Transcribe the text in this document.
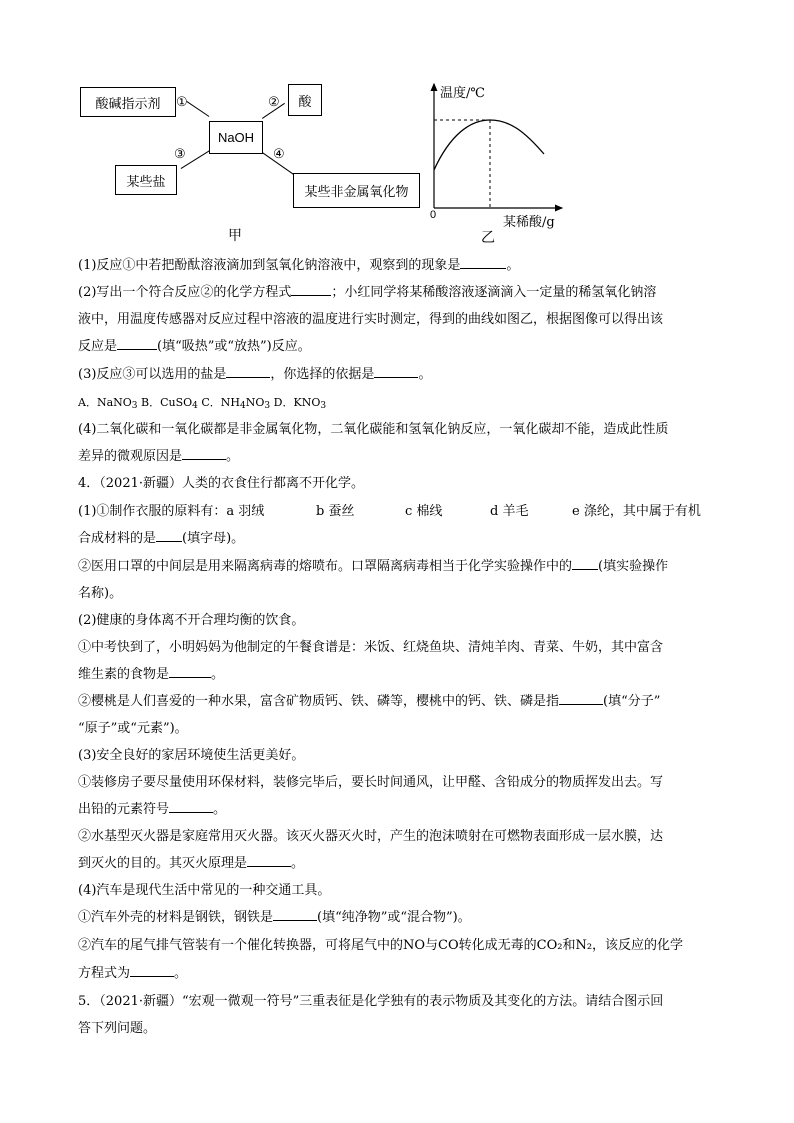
酸碱指示剂	酸
NaOH
某些盐
某些非金属氧化物
①	②
③	④
甲
温度/℃
某稀酸/g
0
乙
(1)反应①中若把酚酞溶液滴加到氢氧化钠溶液中，观察到的现象是	。
(2)写出一个符合反应②的化学方程式	；小红同学将某稀酸溶液逐滴滴入一定量的稀氢氧化钠溶
液中，用温度传感器对反应过程中溶液的温度进行实时测定，得到的曲线如图乙，根据图像可以得出该
反应是	(填“吸热”或“放热”)反应。
(3)反应③可以选用的盐是	，你选择的依据是	。
A．NaNO$_3$ B．CuSO$_4$ C．$NH_4NO_3$ D．$KNO_3$
(4)二氧化碳和一氧化碳都是非金属氧化物，二氧化碳能和氢氧化钠反应，一氧化碳却不能，造成此性质
差异的微观原因是	。
4．（2021·新疆）人类的衣食住行都离不开化学。
(1)①制作衣服的原料有：a 羽绒	b 蚕丝	c 棉线	d 羊毛	e 涤纶，其中属于有机
合成材料的是 (填字母)。
②医用口罩的中间层是用来隔离病毒的熔喷布。口罩隔离病毒相当于化学实验操作中的 (填实验操作
名称)。
(2)健康的身体离不开合理均衡的饮食。
①中考快到了，小明妈妈为他制定的午餐食谱是：米饭、红烧鱼块、清炖羊肉、青菜、牛奶，其中富含
维生素的食物是	。
②樱桃是人们喜爱的一种水果，富含矿物质钙、铁、磷等，樱桃中的钙、铁、磷是指	(填“分子”
“原子”或“元素”)。
(3)安全良好的家居环境使生活更美好。
①装修房子要尽量使用环保材料，装修完毕后，要长时间通风，让甲醛、含铅成分的物质挥发出去。写
出铅的元素符号	。
②水基型灭火器是家庭常用灭火器。该灭火器灭火时，产生的泡沫喷射在可燃物表面形成一层水膜，达
到灭火的目的。其灭火原理是	。
(4)汽车是现代生活中常见的一种交通工具。
①汽车外壳的材料是钢铁，钢铁是	(填“纯净物”或“混合物”)。
②汽车的尾气排气管装有一个催化转换器，可将尾气中的NO与CO转化成无毒的CO₂和N₂，该反应的化学
方程式为	。
5．（2021·新疆）“宏观一微观一符号”三重表征是化学独有的表示物质及其变化的方法。请结合图示回
答下列问题。
